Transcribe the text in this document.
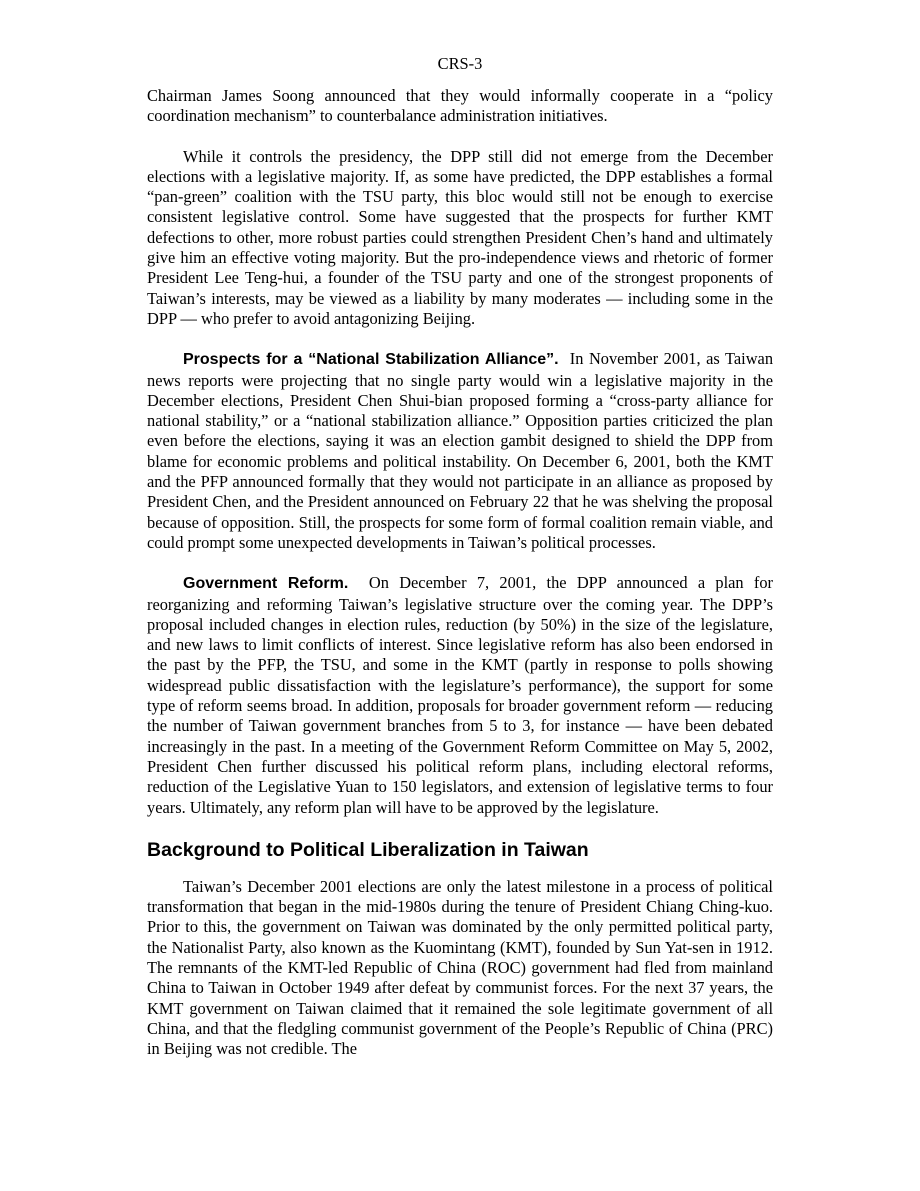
CRS-3

Chairman James Soong announced that they would informally cooperate in a “policy coordination mechanism” to counterbalance administration initiatives.

While it controls the presidency, the DPP still did not emerge from the December elections with a legislative majority. If, as some have predicted, the DPP establishes a formal “pan-green” coalition with the TSU party, this bloc would still not be enough to exercise consistent legislative control. Some have suggested that the prospects for further KMT defections to other, more robust parties could strengthen President Chen’s hand and ultimately give him an effective voting majority. But the pro-independence views and rhetoric of former President Lee Teng-hui, a founder of the TSU party and one of the strongest proponents of Taiwan’s interests, may be viewed as a liability by many moderates — including some in the DPP — who prefer to avoid antagonizing Beijing.

Prospects for a “National Stabilization Alliance”. In November 2001, as Taiwan news reports were projecting that no single party would win a legislative majority in the December elections, President Chen Shui-bian proposed forming a “cross-party alliance for national stability,” or a “national stabilization alliance.” Opposition parties criticized the plan even before the elections, saying it was an election gambit designed to shield the DPP from blame for economic problems and political instability. On December 6, 2001, both the KMT and the PFP announced formally that they would not participate in an alliance as proposed by President Chen, and the President announced on February 22 that he was shelving the proposal because of opposition. Still, the prospects for some form of formal coalition remain viable, and could prompt some unexpected developments in Taiwan’s political processes.

Government Reform. On December 7, 2001, the DPP announced a plan for reorganizing and reforming Taiwan’s legislative structure over the coming year. The DPP’s proposal included changes in election rules, reduction (by 50%) in the size of the legislature, and new laws to limit conflicts of interest. Since legislative reform has also been endorsed in the past by the PFP, the TSU, and some in the KMT (partly in response to polls showing widespread public dissatisfaction with the legislature’s performance), the support for some type of reform seems broad. In addition, proposals for broader government reform — reducing the number of Taiwan government branches from 5 to 3, for instance — have been debated increasingly in the past. In a meeting of the Government Reform Committee on May 5, 2002, President Chen further discussed his political reform plans, including electoral reforms, reduction of the Legislative Yuan to 150 legislators, and extension of legislative terms to four years. Ultimately, any reform plan will have to be approved by the legislature.

Background to Political Liberalization in Taiwan

Taiwan’s December 2001 elections are only the latest milestone in a process of political transformation that began in the mid-1980s during the tenure of President Chiang Ching-kuo. Prior to this, the government on Taiwan was dominated by the only permitted political party, the Nationalist Party, also known as the Kuomintang (KMT), founded by Sun Yat-sen in 1912. The remnants of the KMT-led Republic of China (ROC) government had fled from mainland China to Taiwan in October 1949 after defeat by communist forces. For the next 37 years, the KMT government on Taiwan claimed that it remained the sole legitimate government of all China, and that the fledgling communist government of the People’s Republic of China (PRC) in Beijing was not credible. The
